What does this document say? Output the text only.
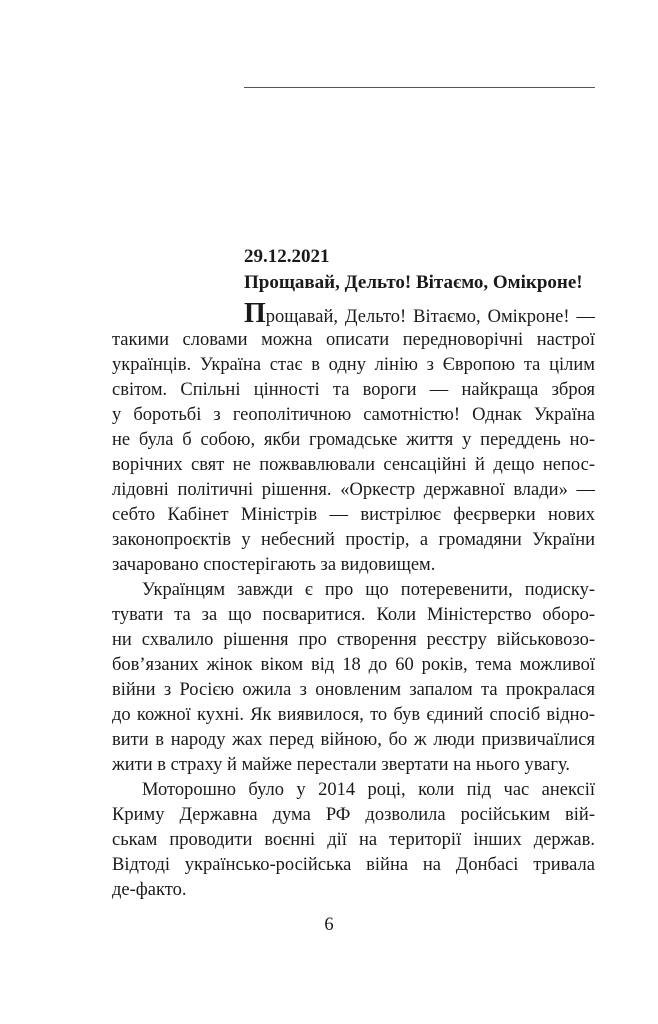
29.12.2021
Прощавай, Дельто! Вітаємо, Омікроне!
Прощавай, Дельто! Вітаємо, Омікроне! —
такими словами можна описати передноворічні настрої
українців. Україна стає в одну лінію з Європою та цілим
світом. Спільні цінності та вороги — найкраща зброя
у боротьбі з геополітичною самотністю! Однак Україна
не була б собою, якби громадське життя у переддень но-
ворічних свят не пожвавлювали сенсаційні й дещо непос-
лідовні політичні рішення. «Оркестр державної влади» —
себто Кабінет Міністрів — вистрілює феєрверки нових
законопроєктів у небесний простір, а громадяни України
зачаровано спостерігають за видовищем.
Українцям завжди є про що потеревенити, подиску-
тувати та за що посваритися. Коли Міністерство оборо-
ни схвалило рішення про створення реєстру військовозо-
бов’язаних жінок віком від 18 до 60 років, тема можливої
війни з Росією ожила з оновленим запалом та прокралася
до кожної кухні. Як виявилося, то був єдиний спосіб відно-
вити в народу жах перед війною, бо ж люди призвичаїлися
жити в страху й майже перестали звертати на нього увагу.
Моторошно було у 2014 році, коли під час анексії
Криму Державна дума РФ дозволила російським вій-
ськам проводити воєнні дії на території інших держав.
Відтоді українсько-російська війна на Донбасі тривала
де-факто.
6
